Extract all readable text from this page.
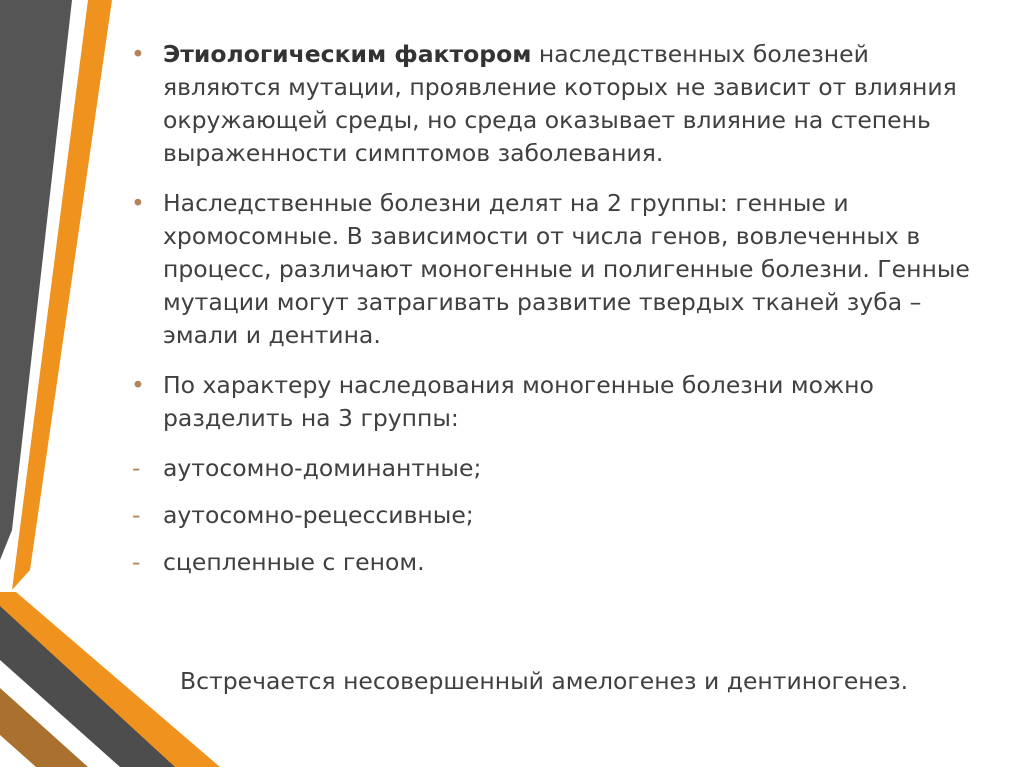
• Этиологическим фактором наследственных болезней являются мутации, проявление которых не зависит от влияния окружающей среды, но среда оказывает влияние на степень выраженности симптомов заболевания.
• Наследственные болезни делят на 2 группы: генные и хромосомные. В зависимости от числа генов, вовлеченных в процесс, различают моногенные и полигенные болезни. Генные мутации могут затрагивать развитие твердых тканей зуба – эмали и дентина.
• По характеру наследования моногенные болезни можно разделить на 3 группы:
- аутосомно-доминантные;
- аутосомно-рецессивные;
- сцепленные с геном.
Встречается несовершенный амелогенез и дентиногенез.
